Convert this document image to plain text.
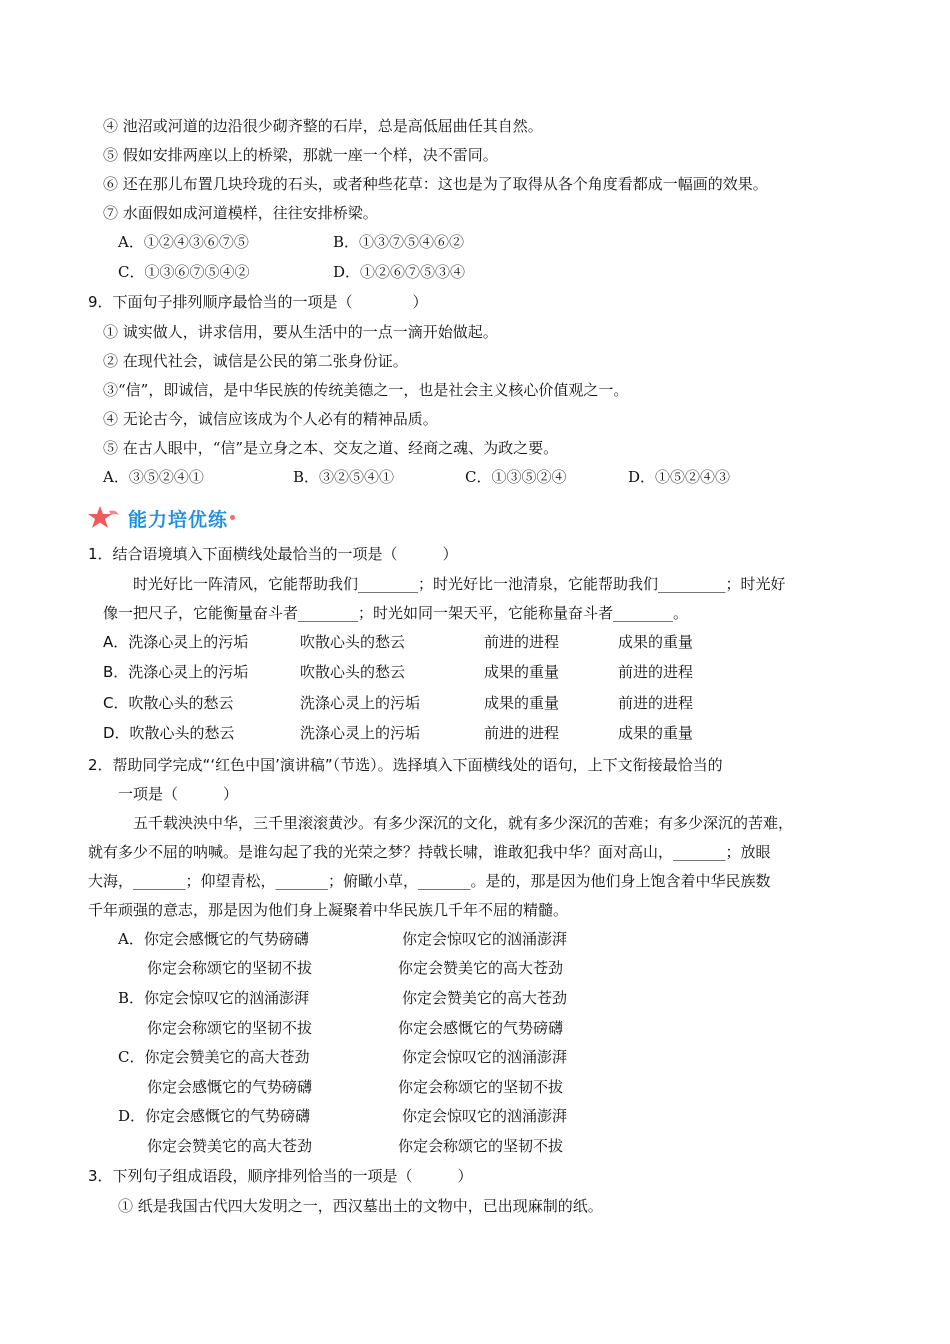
④ 池沼或河道的边沿很少砌齐整的石岸，总是高低屈曲任其自然。
⑤ 假如安排两座以上的桥梁，那就一座一个样，决不雷同。
⑥ 还在那儿布置几块玲珑的石头，或者种些花草：这也是为了取得从各个角度看都成一幅画的效果。
⑦ 水面假如成河道模样，往往安排桥梁。
A．①②④③⑥⑦⑤	B．①③⑦⑤④⑥②
C．①③⑥⑦⑤④②	D．①②⑥⑦⑤③④
9．下面句子排列顺序最恰当的一项是（　　　　）
① 诚实做人，讲求信用，要从生活中的一点一滴开始做起。
② 在现代社会，诚信是公民的第二张身份证。
③“信”，即诚信，是中华民族的传统美德之一，也是社会主义核心价值观之一。
④ 无论古今，诚信应该成为个人必有的精神品质。
⑤ 在古人眼中，“信”是立身之本、交友之道、经商之魂、为政之要。
A．③⑤②④①	B．③②⑤④①	C．①③⑤②④	D．①⑤②④③
能力培优练
1．结合语境填入下面横线处最恰当的一项是（　　　）
　　时光好比一阵清风，它能帮助我们________；时光好比一池清泉，它能帮助我们_________；时光好
像一把尺子，它能衡量奋斗者________；时光如同一架天平，它能称量奋斗者________。
A．洗涤心灵上的污垢	吹散心头的愁云	前进的进程	成果的重量
B．洗涤心灵上的污垢	吹散心头的愁云	成果的重量	前进的进程
C．吹散心头的愁云	洗涤心灵上的污垢	成果的重量	前进的进程
D．吹散心头的愁云	洗涤心灵上的污垢	前进的进程	成果的重量
2．帮助同学完成“‘红色中国’演讲稿”（节选）。选择填入下面横线处的语句，上下文衔接最恰当的
一项是（　　　）
　　五千载泱泱中华，三千里滚滚黄沙。有多少深沉的文化，就有多少深沉的苦难；有多少深沉的苦难，
就有多少不屈的呐喊。是谁勾起了我的光荣之梦？持戟长啸，谁敢犯我中华？面对高山，_______；放眼
大海，_______；仰望青松，_______；俯瞰小草，_______。是的，那是因为他们身上饱含着中华民族数
千年顽强的意志，那是因为他们身上凝聚着中华民族几千年不屈的精髓。
A．你定会感慨它的气势磅礴	你定会惊叹它的汹涌澎湃
你定会称颂它的坚韧不拔	你定会赞美它的高大苍劲
B．你定会惊叹它的汹涌澎湃	你定会赞美它的高大苍劲
你定会称颂它的坚韧不拔	你定会感慨它的气势磅礴
C．你定会赞美它的高大苍劲	你定会惊叹它的汹涌澎湃
你定会感慨它的气势磅礴	你定会称颂它的坚韧不拔
D．你定会感慨它的气势磅礴	你定会惊叹它的汹涌澎湃
你定会赞美它的高大苍劲	你定会称颂它的坚韧不拔
3．下列句子组成语段，顺序排列恰当的一项是（　　　）
① 纸是我国古代四大发明之一，西汉墓出土的文物中，已出现麻制的纸。
